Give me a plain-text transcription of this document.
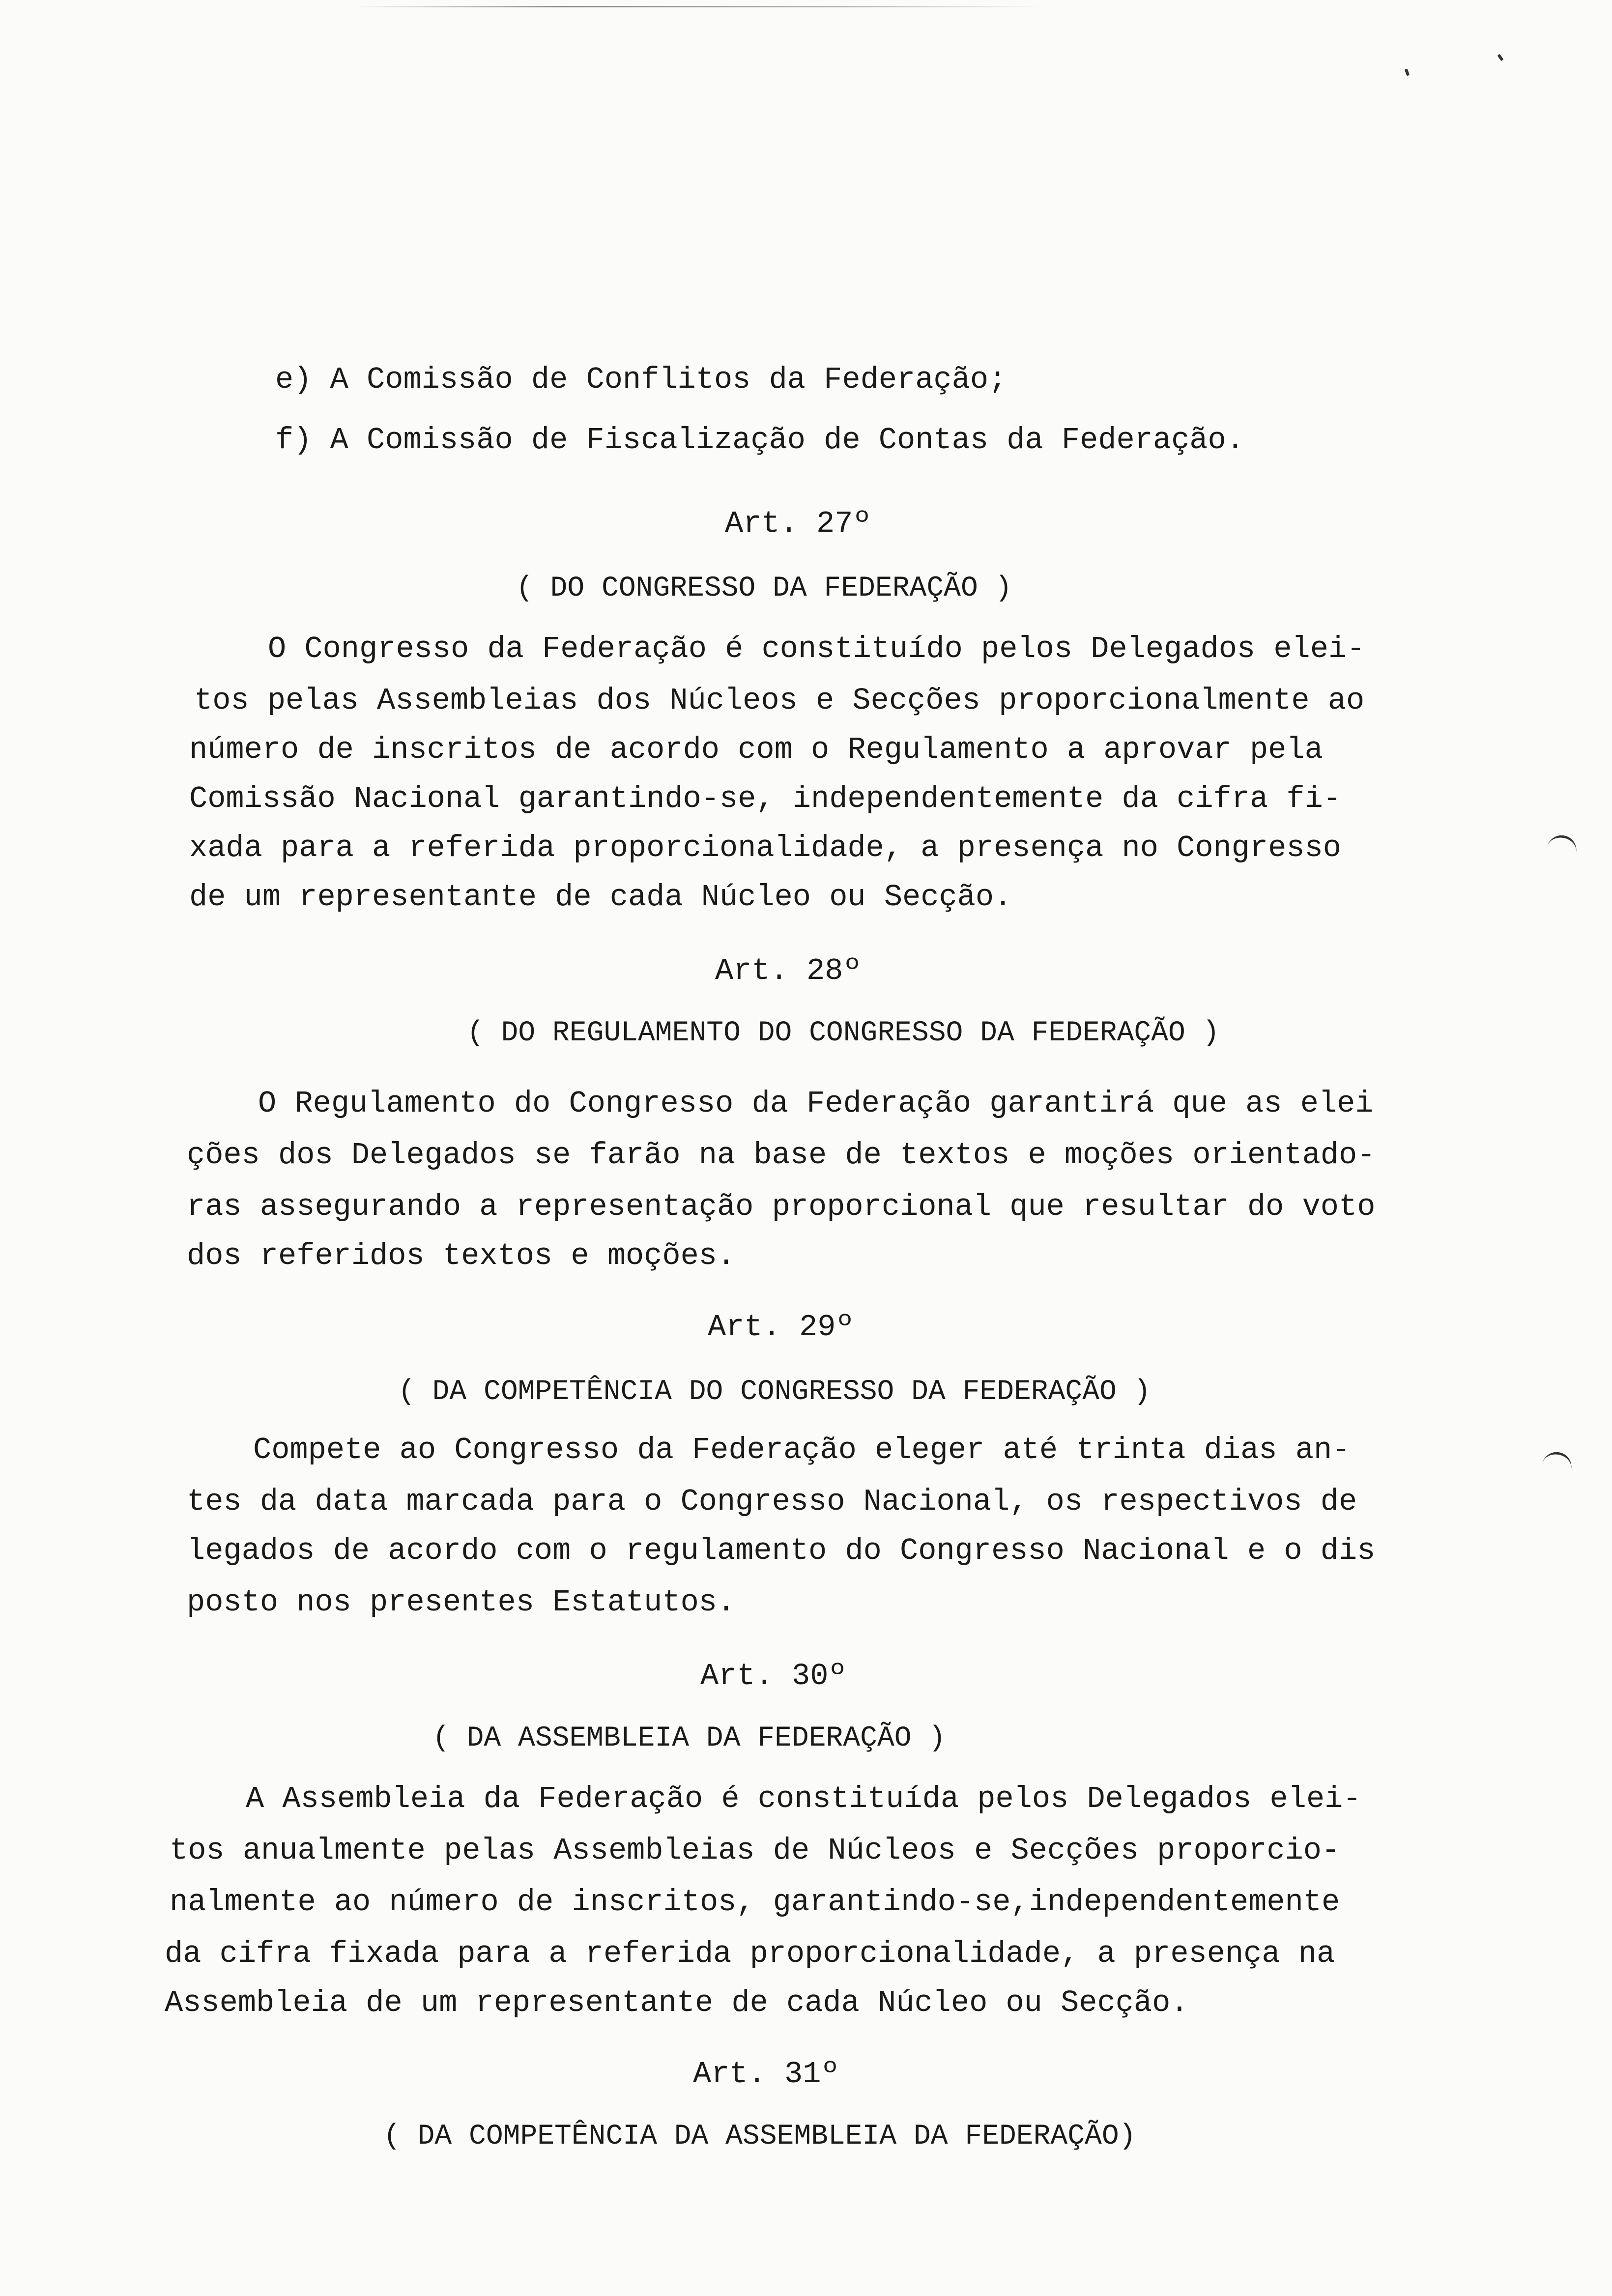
e) A Comissão de Conflitos da Federação;
f) A Comissão de Fiscalização de Contas da Federação.
Art. 27º
( DO CONGRESSO DA FEDERAÇÃO )
O Congresso da Federação é constituído pelos Delegados elei-
tos pelas Assembleias dos Núcleos e Secções proporcionalmente ao
número de inscritos de acordo com o Regulamento a aprovar pela
Comissão Nacional garantindo-se, independentemente da cifra fi-
xada para a referida proporcionalidade, a presença no Congresso
de um representante de cada Núcleo ou Secção.
Art. 28º
( DO REGULAMENTO DO CONGRESSO DA FEDERAÇÃO )
O Regulamento do Congresso da Federação garantirá que as elei
ções dos Delegados se farão na base de textos e moções orientado-
ras assegurando a representação proporcional que resultar do voto
dos referidos textos e moções.
Art. 29º
( DA COMPETÊNCIA DO CONGRESSO DA FEDERAÇÃO )
Compete ao Congresso da Federação eleger até trinta dias an-
tes da data marcada para o Congresso Nacional, os respectivos de
legados de acordo com o regulamento do Congresso Nacional e o dis
posto nos presentes Estatutos.
Art. 30º
( DA ASSEMBLEIA DA FEDERAÇÃO )
A Assembleia da Federação é constituída pelos Delegados elei-
tos anualmente pelas Assembleias de Núcleos e Secções proporcio-
nalmente ao número de inscritos, garantindo-se,independentemente
da cifra fixada para a referida proporcionalidade, a presença na
Assembleia de um representante de cada Núcleo ou Secção.
Art. 31º
( DA COMPETÊNCIA DA ASSEMBLEIA DA FEDERAÇÃO)
